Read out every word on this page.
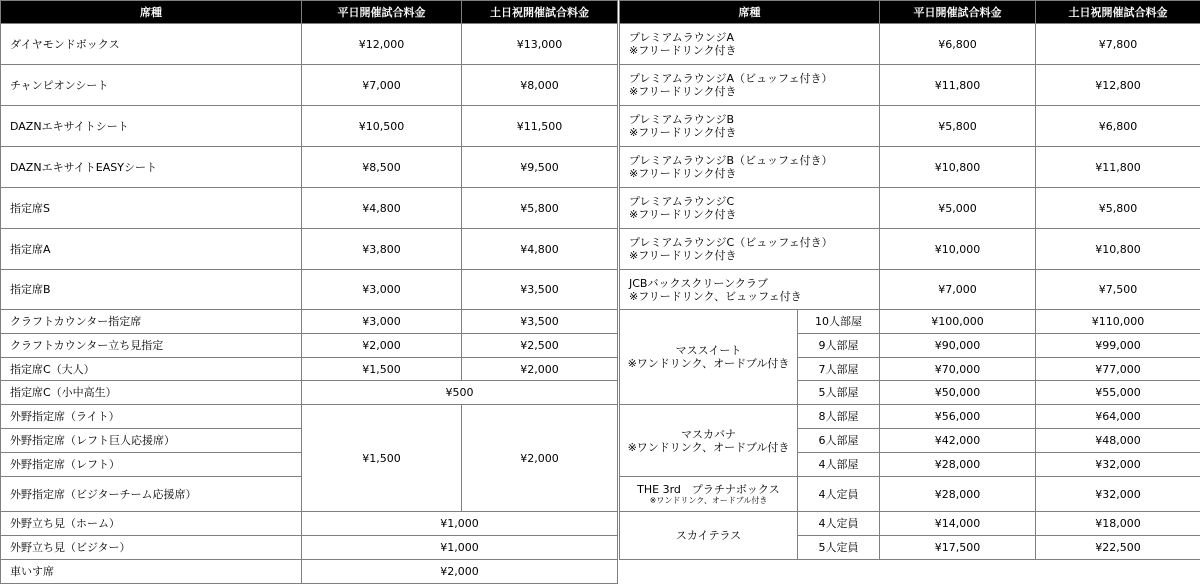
席種	平日開催試合料金	土日祝開催試合料金
ダイヤモンドボックス	¥12,000	¥13,000
チャンピオンシート	¥7,000	¥8,000
DAZNエキサイトシート	¥10,500	¥11,500
DAZNエキサイトEASYシート	¥8,500	¥9,500
指定席S	¥4,800	¥5,800
指定席A	¥3,800	¥4,800
指定席B	¥3,000	¥3,500
クラフトカウンター指定席	¥3,000	¥3,500
クラフトカウンター立ち見指定	¥2,000	¥2,500
指定席C（大人）	¥1,500	¥2,000
指定席C（小中高生）	¥500	
外野指定席（ライト）	¥1,500	¥2,000
外野指定席（レフト巨人応援席）		
外野指定席（レフト）		
外野指定席（ビジターチーム応援席）		
外野立ち見（ホーム）	¥1,000	
外野立ち見（ビジター）	¥1,000	
車いす席	¥2,000	
席種		平日開催試合料金	土日祝開催試合料金

プレミアムラウンジA
※フリードリンク付き		¥6,800	¥7,800

プレミアムラウンジA（ビュッフェ付き）
※フリードリンク付き		¥11,800	¥12,800

プレミアムラウンジB
※フリードリンク付き		¥5,800	¥6,800

プレミアムラウンジB（ビュッフェ付き）
※フリードリンク付き		¥10,800	¥11,800

プレミアムラウンジC
※フリードリンク付き		¥5,000	¥5,800

プレミアムラウンジC（ビュッフェ付き）
※フリードリンク付き		¥10,000	¥10,800

JCBバックスクリーンクラブ
※フリードリンク、ビュッフェ付き		¥7,000	¥7,500

マススイート
※ワンドリンク、オードブル付き	10人部屋	¥100,000	¥110,000
	9人部屋	¥90,000	¥99,000
	7人部屋	¥70,000	¥77,000
	5人部屋	¥50,000	¥55,000

マスカバナ
※ワンドリンク、オードブル付き	8人部屋	¥56,000	¥64,000
	6人部屋	¥42,000	¥48,000
	4人部屋	¥28,000	¥32,000

THE 3rd　プラチナボックス
※ワンドリンク、オードブル付き	4人定員	¥28,000	¥32,000
スカイテラス	4人定員	¥14,000	¥18,000
	5人定員	¥17,500	¥22,500
